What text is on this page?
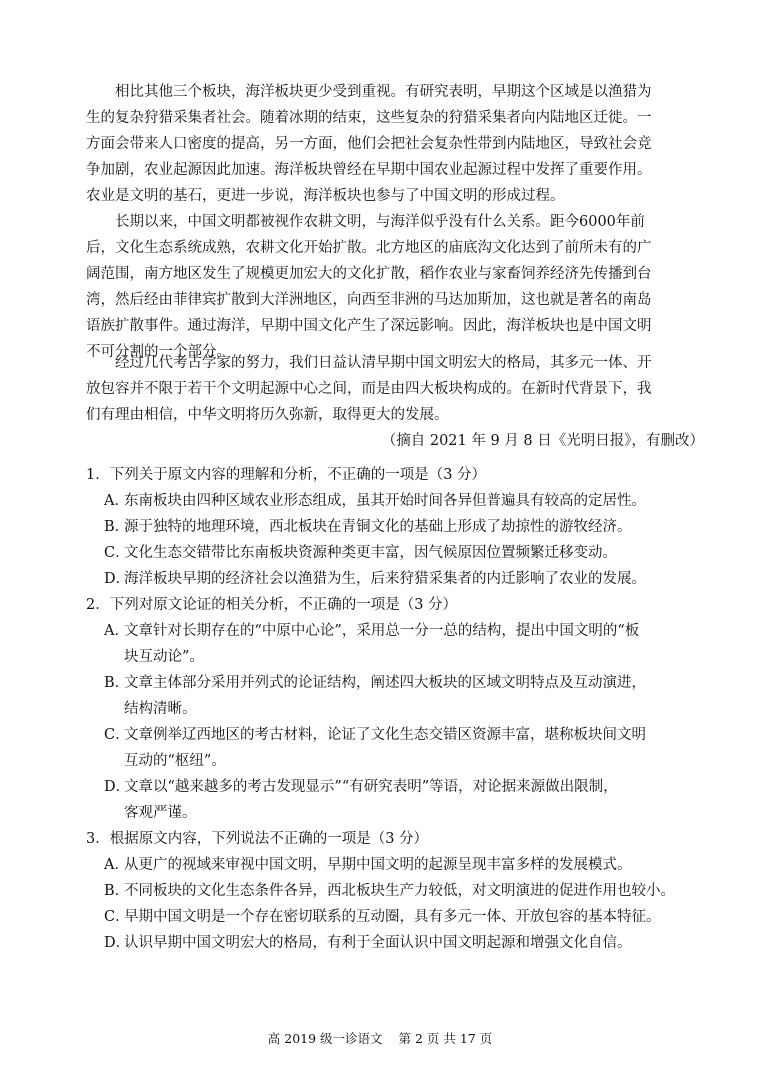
相比其他三个板块，海洋板块更少受到重视。有研究表明，早期这个区域是以渔猎为
生的复杂狩猎采集者社会。随着冰期的结束，这些复杂的狩猎采集者向内陆地区迁徙。一
方面会带来人口密度的提高，另一方面，他们会把社会复杂性带到内陆地区，导致社会竞
争加剧，农业起源因此加速。海洋板块曾经在早期中国农业起源过程中发挥了重要作用。
农业是文明的基石，更进一步说，海洋板块也参与了中国文明的形成过程。
长期以来，中国文明都被视作农耕文明，与海洋似乎没有什么关系。距今6000年前
后，文化生态系统成熟，农耕文化开始扩散。北方地区的庙底沟文化达到了前所未有的广
阔范围，南方地区发生了规模更加宏大的文化扩散，稻作农业与家畜饲养经济先传播到台
湾，然后经由菲律宾扩散到大洋洲地区，向西至非洲的马达加斯加，这也就是著名的南岛
语族扩散事件。通过海洋，早期中国文化产生了深远影响。因此，海洋板块也是中国文明
不可分割的一个部分。
经过几代考古学家的努力，我们日益认清早期中国文明宏大的格局，其多元一体、开
放包容并不限于若干个文明起源中心之间，而是由四大板块构成的。在新时代背景下，我
们有理由相信，中华文明将历久弥新，取得更大的发展。
（摘自 2021 年 9 月 8 日《光明日报》，有删改）
1．下列关于原文内容的理解和分析，不正确的一项是（3 分）
A．东南板块由四种区域农业形态组成，虽其开始时间各异但普遍具有较高的定居性。
B．源于独特的地理环境，西北板块在青铜文化的基础上形成了劫掠性的游牧经济。
C．文化生态交错带比东南板块资源种类更丰富，因气候原因位置频繁迁移变动。
D．海洋板块早期的经济社会以渔猎为生，后来狩猎采集者的内迁影响了农业的发展。
2．下列对原文论证的相关分析，不正确的一项是（3 分）
A．文章针对长期存在的“中原中心论”，采用总一分一总的结构，提出中国文明的“板
块互动论”。
B．文章主体部分采用并列式的论证结构，阐述四大板块的区域文明特点及互动演进，
结构清晰。
C．文章例举辽西地区的考古材料，论证了文化生态交错区资源丰富，堪称板块间文明
互动的“枢纽”。
D．文章以“越来越多的考古发现显示”“有研究表明”等语，对论据来源做出限制，
客观严谨。
3．根据原文内容，下列说法不正确的一项是（3 分）
A．从更广的视域来审视中国文明，早期中国文明的起源呈现丰富多样的发展模式。
B．不同板块的文化生态条件各异，西北板块生产力较低，对文明演进的促进作用也较小。
C．早期中国文明是一个存在密切联系的互动圈，具有多元一体、开放包容的基本特征。
D．认识早期中国文明宏大的格局，有利于全面认识中国文明起源和增强文化自信。
高 2019 级一诊语文 第 2 页 共 17 页
